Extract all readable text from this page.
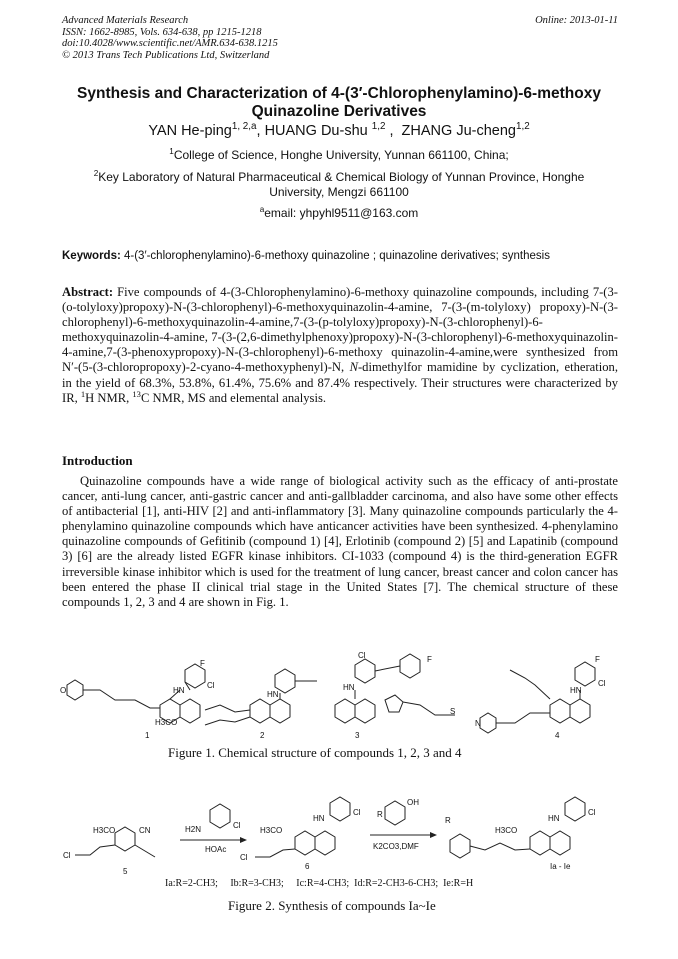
Advanced Materials Research
ISSN: 1662-8985, Vols. 634-638, pp 1215-1218
doi:10.4028/www.scientific.net/AMR.634-638.1215
© 2013 Trans Tech Publications Ltd, Switzerland
Online: 2013-01-11
Synthesis and Characterization of 4-(3′-Chlorophenylamino)-6-methoxy Quinazoline Derivatives
YAN He-ping$^{1, 2,a}$, HUANG Du-shu $^{1,2}$ ,  ZHANG Ju-cheng$^{1,2}$
$^1$College of Science, Honghe University, Yunnan 661100, China;
$^2$Key Laboratory of Natural Pharmaceutical & Chemical Biology of Yunnan Province, Honghe University, Mengzi 661100
$^a$email: yhpyhl9511@163.com
Keywords: 4-(3′-chlorophenylamino)-6-methoxy quinazoline ; quinazoline derivatives; synthesis
Abstract: Five compounds of 4-(3-Chlorophenylamino)-6-methoxy quinazoline compounds, including 7-(3-(o-tolyloxy)propoxy)-N-(3-chlorophenyl)-6-methoxyquinazolin-4-amine, 7-(3-(m-tolyloxy) propoxy)-N-(3-chlorophenyl)-6-methoxyquinazolin-4-amine,7-(3-(p-tolyloxy)propoxy)-N-(3-chlorophenyl)-6-methoxyquinazolin-4-amine, 7-(3-(2,6-dimethylphenoxy)propoxy)-N-(3-chlorophenyl)-6-methoxyquinazolin-4-amine,7-(3-phenoxypropoxy)-N-(3-chlorophenyl)-6-methoxy quinazolin-4-amine,were synthesized from N′-(5-(3-chloropropoxy)-2-cyano-4-methoxyphenyl)-N, N-dimethylfor mamidine by cyclization, etheration, in the yield of 68.3%, 53.8%, 61.4%, 75.6% and 87.4% respectively. Their structures were characterized by IR, $^1$H NMR, $^{13}$C NMR, MS and elemental analysis.
Introduction
Quinazoline compounds have a wide range of biological activity such as the efficacy of anti-prostate cancer, anti-lung cancer, anti-gastric cancer and anti-gallbladder carcinoma, and also have some other effects of antibacterial [1], anti-HIV [2] and anti-inflammatory [3]. Many quinazoline compounds particularly the 4-phenylamino quinazoline compounds which have anticancer activities have been synthesized. 4-phenylamino quinazoline compounds of Gefitinib (compound 1) [4], Erlotinib (compound 2) [5] and Lapatinib (compound 3) [6] are the already listed EGFR kinase inhibitors. CI-1033 (compound 4) is the third-generation EGFR irreversible kinase inhibitor which is used for the treatment of lung cancer, breast cancer and colon cancer has been entered the phase II clinical trial stage in the United States [7]. The chemical structure of these compounds 1, 2, 3 and 4 are shown in Fig. 1.
O
H3CO
HN
F
Cl
1
HN
2
HN
Cl	F
S
3
HN
F
Cl
N
4
Figure 1. Chemical structure of compounds 1, 2, 3 and 4
H3CO	CN
Cl
5
H2N	Cl
HOAc
H3CO
HN
Cl
Cl
6
R
OH
K2CO3,DMF
R
H3CO
HN
Cl
Ia - Ie
Ia:R=2-CH3;     Ib:R=3-CH3;     Ic:R=4-CH3;  Id:R=2-CH3-6-CH3;  Ie:R=H
Figure 2. Synthesis of compounds Ia~Ie
